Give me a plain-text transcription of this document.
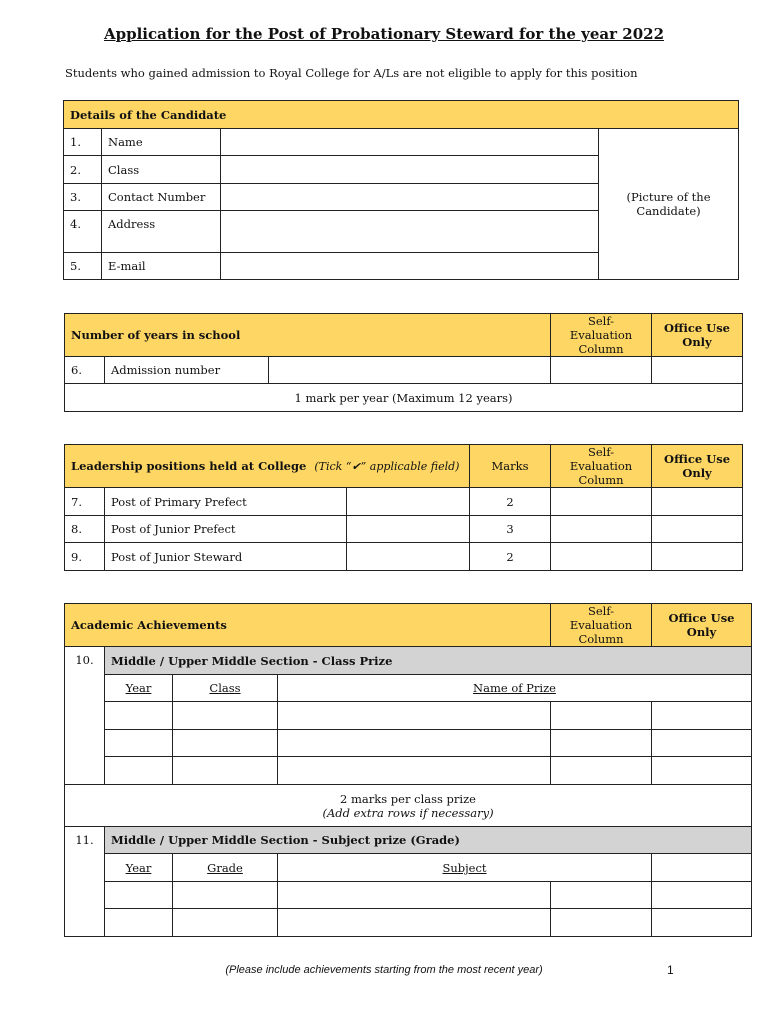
Application for the Post of Probationary Steward for the year 2022
Students who gained admission to Royal College for A/Ls are not eligible to apply for this position
Details of the Candidate			
1.	Name		(Picture of the Candidate)
2.	Class		
3.	Contact Number		
4.	Address		
5.	E-mail		
Number of years in school			Self-Evaluation Column	Office Use Only
6.	Admission number			
1 mark per year (Maximum 12 years)				
Leadership positions held at College (Tick “✔” applicable field)			Marks	Self-Evaluation Column	Office Use Only
7.	Post of Primary Prefect		2		
8.	Post of Junior Prefect		3		
9.	Post of Junior Steward		2		
Academic Achievements				Self-Evaluation Column	Office Use Only
10.	Middle / Upper Middle Section - Class Prize				
	Year	Class	Name of Prize		

2 marks per class prize
(Add extra rows if necessary)					

11.	Middle / Upper Middle Section - Subject prize (Grade)				
	Year	Grade	Subject		

(Please include achievements starting from the most recent year)	1
